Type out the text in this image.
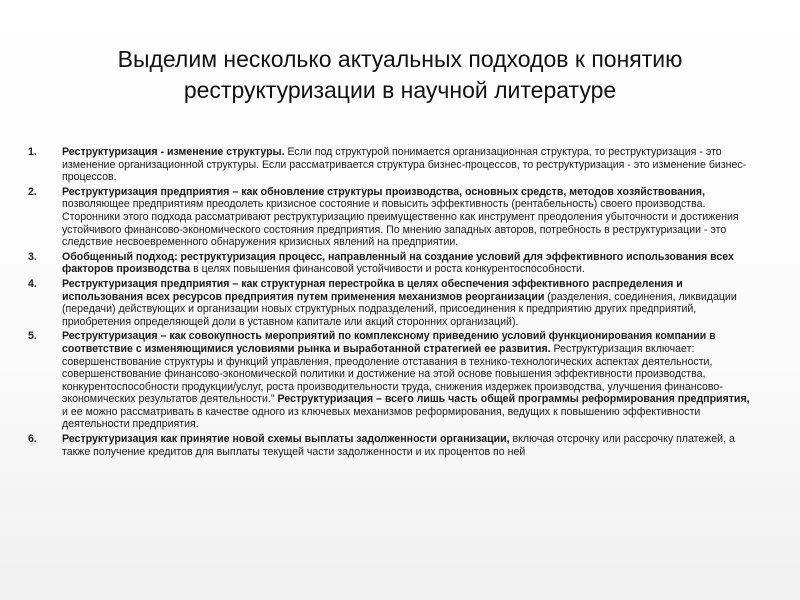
Выделим несколько актуальных подходов к понятию
реструктуризации в научной литературе
1. Реструктуризация - изменение структуры. Если под структурой понимается организационная структура, то реструктуризация - это изменение организационной структуры. Если рассматривается структура бизнес-процессов, то реструктуризация - это изменение бизнес-процессов.
2. Реструктуризация предприятия – как обновление структуры производства, основных средств, методов хозяйствования, позволяющее предприятиям преодолеть кризисное состояние и повысить эффективность (рентабельность) своего производства. Сторонники этого подхода рассматривают реструктуризацию преимущественно как инструмент преодоления убыточности и достижения устойчивого финансово-экономического состояния предприятия. По мнению западных авторов, потребность в реструктуризации - это следствие несвоевременного обнаружения кризисных явлений на предприятии.
3. Обобщенный подход: реструктуризация процесс, направленный на создание условий для эффективного использования всех факторов производства в целях повышения финансовой устойчивости и роста конкурентоспособности.
4. Реструктуризация предприятия – как структурная перестройка в целях обеспечения эффективного распределения и использования всех ресурсов предприятия путем применения механизмов реорганизации (разделения, соединения, ликвидации (передачи) действующих и организации новых структурных подразделений, присоединения к предприятию других предприятий, приобретения определяющей доли в уставном капитале или акций сторонних организаций).
5. Реструктуризация – как совокупность мероприятий по комплексному приведению условий функционирования компании в соответствие с изменяющимися условиями рынка и выработанной стратегией ее развития. Реструктуризация включает: совершенствование структуры и функций управления, преодоление отставания в технико-технологических аспектах деятельности, совершенствование финансово-экономической политики и достижение на этой основе повышения эффективности производства, конкурентоспособности продукции/услуг, роста производительности труда, снижения издержек производства, улучшения финансово-экономических результатов деятельности." Реструктуризация – всего лишь часть общей программы реформирования предприятия, и ее можно рассматривать в качестве одного из ключевых механизмов реформирования, ведущих к повышению эффективности деятельности предприятия.
6. Реструктуризация как принятие новой схемы выплаты задолженности организации, включая отсрочку или рассрочку платежей, а также получение кредитов для выплаты текущей части задолженности и их процентов по ней
